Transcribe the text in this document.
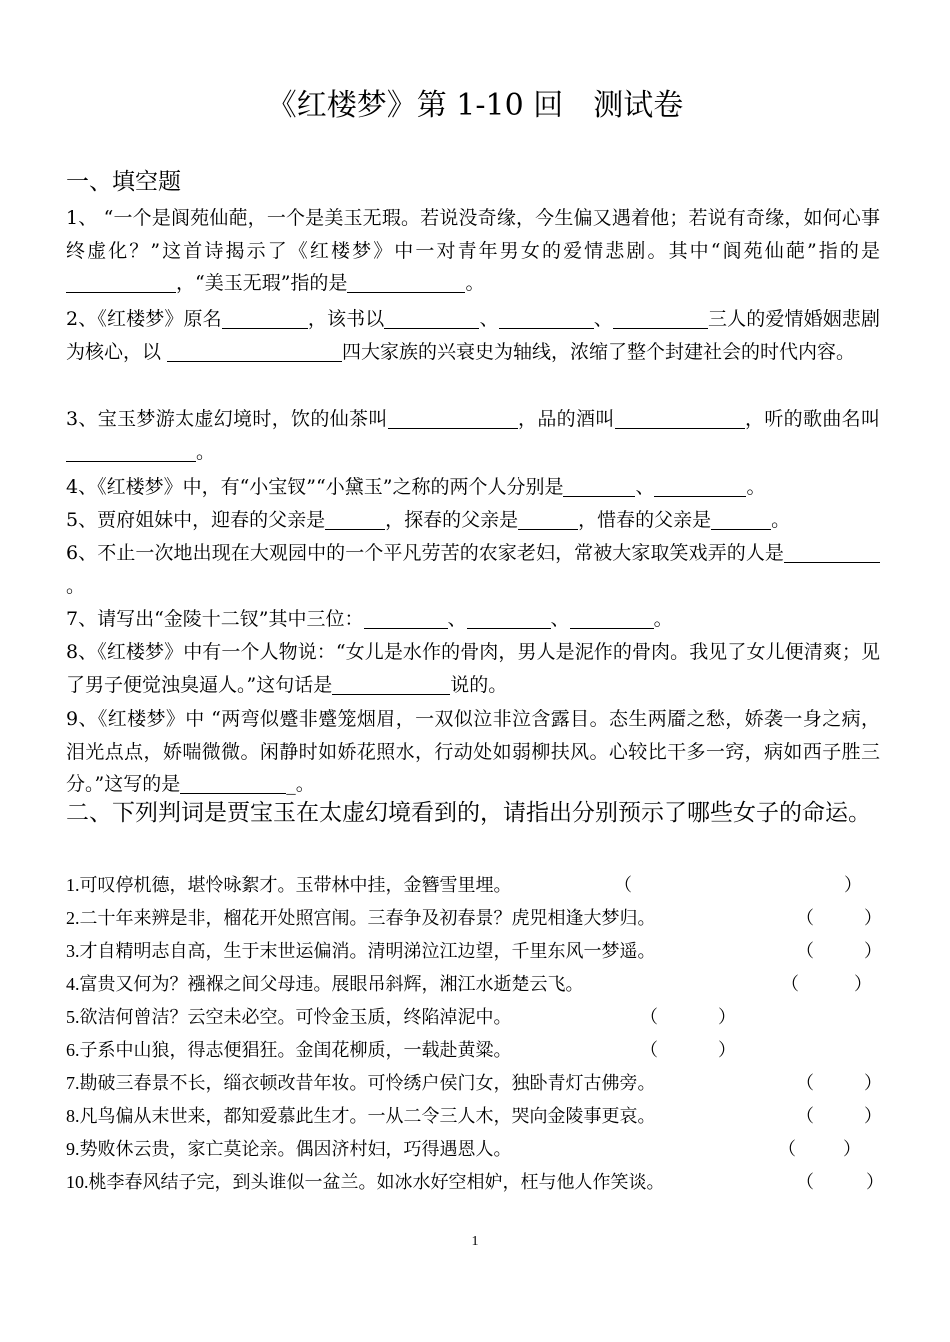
《红楼梦》第 1-10 回　测试卷
一、填空题
1、 “一个是阆苑仙葩，一个是美玉无瑕。若说没奇缘，今生偏又遇着他；若说有奇缘，如何心事终虚化？”这首诗揭示了《红楼梦》中一对青年男女的爱情悲剧。其中“阆苑仙葩”指的是，“美玉无瑕”指的是	。
2、《红楼梦》原名	，该书以	、	、	三人的爱情婚姻悲剧为核心，以	四大家族的兴衰史为轴线，浓缩了整个封建社会的时代内容。
3、宝玉梦游太虚幻境时，饮的仙茶叫	，品的酒叫	，听的歌曲名叫。
4、《红楼梦》中，有“小宝钗”“小黛玉”之称的两个人分别是	、	。
5、贾府姐妹中，迎春的父亲是	，探春的父亲是	，惜春的父亲是	。
6、不止一次地出现在大观园中的一个平凡劳苦的农家老妇，常被大家取笑戏弄的人是。
7、请写出“金陵十二钗”其中三位：	、	、	。
8、《红楼梦》中有一个人物说：“女儿是水作的骨肉，男人是泥作的骨肉。我见了女儿便清爽；见了男子便觉浊臭逼人。”这句话是	说的。
9、《红楼梦》中 “两弯似蹙非蹙笼烟眉，一双似泣非泣含露目。态生两靥之愁，娇袭一身之病，泪光点点，娇喘微微。闲静时如娇花照水，行动处如弱柳扶风。心较比干多一窍，病如西子胜三分。”这写的是	_。
二、下列判词是贾宝玉在太虚幻境看到的，请指出分别预示了哪些女子的命运。
1.可叹停机德，堪怜咏絮才。玉带林中挂，金簪雪里埋。	（	）
2.二十年来辨是非，榴花开处照宫闱。三春争及初春景？虎兕相逢大梦归。	（	）
3.才自精明志自高，生于末世运偏消。清明涕泣江边望，千里东风一梦遥。	（	）
4.富贵又何为？襁褓之间父母违。展眼吊斜辉，湘江水逝楚云飞。	（	）
5.欲洁何曾洁？云空未必空。可怜金玉质，终陷淖泥中。	（	）
6.子系中山狼，得志便猖狂。金闺花柳质，一载赴黄粱。	（	）
7.勘破三春景不长，缁衣顿改昔年妆。可怜绣户侯门女，独卧青灯古佛旁。	（	）
8.凡鸟偏从末世来，都知爱慕此生才。一从二令三人木，哭向金陵事更哀。	（	）
9.势败休云贵，家亡莫论亲。偶因济村妇，巧得遇恩人。	（	）
10.桃李春风结子完，到头谁似一盆兰。如冰水好空相妒，枉与他人作笑谈。	（	）
1
